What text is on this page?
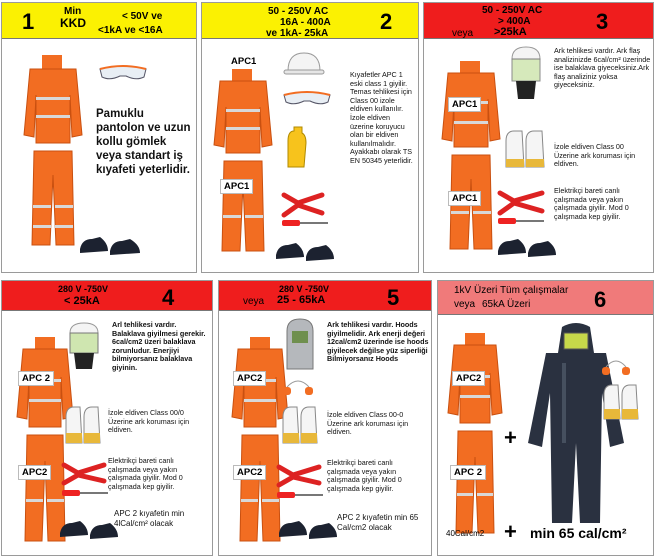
1	Min
KKD	< 50V ve
<1kA ve <16A
Pamuklu pantolon ve uzun kollu gömlek veya standart iş kıyafeti yeterlidir.
2
50 - 250V AC
16A - 400A
ve 1kA- 25kA
APC1
APC1
Kıyafetler APC 1 eski class 1 giyilir. Temas tehlikesi için Class 00 izole eldiven kullanılır. İzole eldiven üzerine koruyucu olan bir eldiven kullanılmalıdır. Ayakkabı olarak TS EN 50345 yeterlidir.
3
50 - 250V AC
> 400A
veya >25kA
APC1
APC1
Ark tehlikesi vardır. Ark flaş analizinizde 6cal/cm² üzerinde ise balaklava giyeceksiniz.Ark flaş analiziniz yoksa giyeceksiniz.
İzole eldiven Class 00 Üzerine ark koruması için eldiven.
Elektrikçi bareti canlı çalışmada veya yakın çalışmada giyilir. Mod 0 çalışmada kep giyilir.
4
280 V -750V
< 25kA
APC 2
APC2
Arl tehlikesi vardır. Balaklava giyilmesi gerekir. 6cal/cm2 üzeri balaklava zorunludur. Enerjiyi bilmiyorsanız balaklava giyinin.
İzole eldiven Class 00/0 Üzerine ark koruması için eldiven.
Elektrikçi bareti canlı çalışmada veya yakın çalışmada giyilir. Mod 0 çalışmada kep giyilir.
APC 2 kıyafetin min 4lCal/cm² olacak
5
280 V -750V
veya 25 - 65kA
APC2
APC2
Ark tehlikesi vardır. Hoods giyilmelidir. Ark enerji değeri 12cal/cm2 üzerinde ise hoods giyilecek değilse yüz siperliği Bilmiyorsanız Hoods
İzole eldiven Class 00-0 Üzerine ark koruması için eldiven.
Elektrikçi bareti canlı çalışmada veya yakın çalışmada giyilir. Mod 0 çalışmada kep giyilir.
APC 2 kıyafetin min 65 Cal/cm2 olacak
6
1kV Üzeri Tüm çalışmalar
veya 65kA Üzeri
APC2
APC 2
+
+
40Cal/cm2	min 65 cal/cm²
